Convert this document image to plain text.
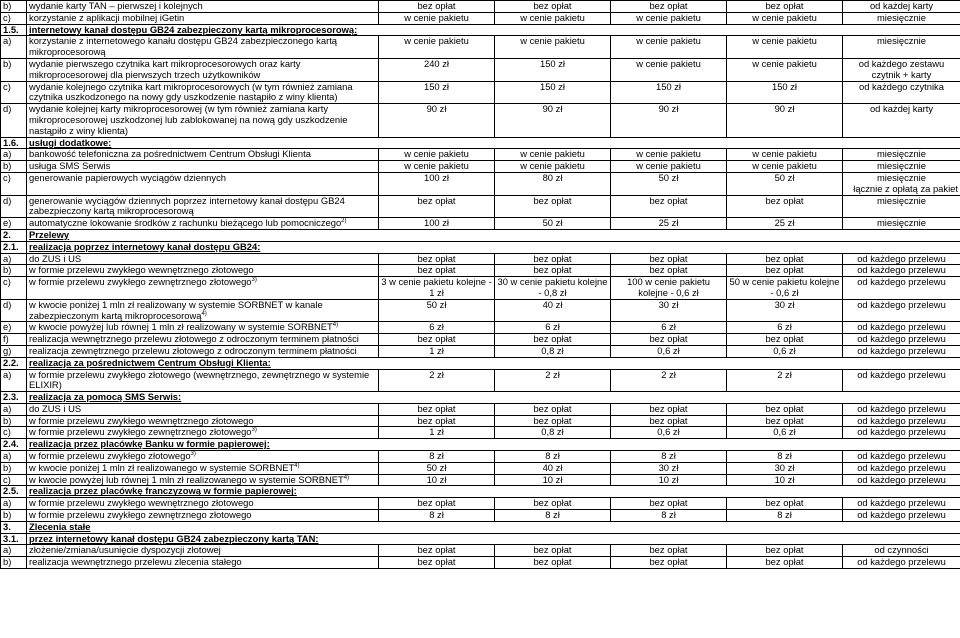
b)	wydanie karty TAN – pierwszej i kolejnych	bez opłat	bez opłat	bez opłat	bez opłat	od każdej karty
c)	korzystanie z aplikacji mobilnej iGetin	w cenie pakietu	w cenie pakietu	w cenie pakietu	w cenie pakietu	miesięcznie
1.5.	internetowy kanał dostępu GB24 zabezpieczony kartą mikroprocesorową:					
a)	korzystanie z internetowego kanału dostępu GB24 zabezpieczonego kartą mikroprocesorową	w cenie pakietu	w cenie pakietu	w cenie pakietu	w cenie pakietu	miesięcznie
b)	wydanie pierwszego czytnika kart mikroprocesorowych oraz karty mikroprocesorowej dla pierwszych trzech użytkowników	240 zł	150 zł	w cenie pakietu	w cenie pakietu	od każdego zestawu czytnik + karty
c)	wydanie kolejnego czytnika kart mikroprocesorowych (w tym również zamiana czytnika uszkodzonego na nowy gdy uszkodzenie nastąpiło z winy klienta)	150 zł	150 zł	150 zł	150 zł	od każdego czytnika
d)	wydanie kolejnej karty mikroprocesorowej (w tym również zamiana karty mikroprocesorowej uszkodzonej lub zablokowanej na nową gdy uszkodzenie nastąpiło z winy klienta)	90 zł	90 zł	90 zł	90 zł	od każdej karty
1.6.	usługi dodatkowe:					
a)	bankowość telefoniczna za pośrednictwem Centrum Obsługi Klienta	w cenie pakietu	w cenie pakietu	w cenie pakietu	w cenie pakietu	miesięcznie
b)	usługa SMS Serwis	w cenie pakietu	w cenie pakietu	w cenie pakietu	w cenie pakietu	miesięcznie
c)	generowanie papierowych wyciągów dziennych	100 zł	80 zł	50 zł	50 zł	miesięcznie
łącznie z opłatą za pakiet

d)	generowanie wyciągów dziennych poprzez internetowy kanał dostępu GB24 zabezpieczony kartą mikroprocesorową	bez opłat	bez opłat	bez opłat	bez opłat	miesięcznie
e)	automatyczne lokowanie środków z rachunku bieżącego lub pomocniczego$^{2)}$	100 zł	50 zł	25 zł	25 zł	miesięcznie
2.	Przelewy					
2.1.	realizacja poprzez internetowy kanał dostępu GB24:					
a)	do ZUS i US	bez opłat	bez opłat	bez opłat	bez opłat	od każdego przelewu
b)	w formie przelewu zwykłego wewnętrznego złotowego	bez opłat	bez opłat	bez opłat	bez opłat	od każdego przelewu
c)	w formie przelewu zwykłego zewnętrznego złotowego$^{3)}$	3 w cenie pakietu kolejne - 1 zł	30 w cenie pakietu kolejne - 0,8 zł	100 w cenie pakietu kolejne - 0,6 zł	50 w cenie pakietu kolejne - 0,6 zł	od każdego przelewu
d)	w kwocie poniżej 1 mln zł realizowany w systemie SORBNET w kanale zabezpieczonym kartą mikroprocesorową$^{4)}$	50 zł	40 zł	30 zł	30 zł	od każdego przelewu
e)	w kwocie powyżej lub równej 1 mln zł realizowany w systemie SORBNET$^{4)}$	6 zł	6 zł	6 zł	6 zł	od każdego przelewu
f)	realizacja wewnętrznego przelewu złotowego z odroczonym terminem płatności	bez opłat	bez opłat	bez opłat	bez opłat	od każdego przelewu
g)	realizacja zewnętrznego przelewu złotowego z odroczonym terminem płatności	1 zł	0,8 zł	0,6 zł	0,6 zł	od każdego przelewu
2.2.	realizacja za pośrednictwem Centrum Obsługi Klienta:					
a)	w formie przelewu zwykłego złotowego (wewnętrznego, zewnętrznego w systemie ELIXIR)	2 zł	2 zł	2 zł	2 zł	od każdego przelewu
2.3.	realizacja za pomocą SMS Serwis:					
a)	do ZUS i US	bez opłat	bez opłat	bez opłat	bez opłat	od każdego przelewu
b)	w formie przelewu zwykłego wewnętrznego złotowego	bez opłat	bez opłat	bez opłat	bez opłat	od każdego przelewu
c)	w formie przelewu zwykłego zewnętrznego złotowego$^{3)}$	1 zł	0,8 zł	0,6 zł	0,6 zł	od każdego przelewu
2.4.	realizacja przez placówkę Banku w formie papierowej:					
a)	w formie przelewu zwykłego złotowego$^{3)}$	8 zł	8 zł	8 zł	8 zł	od każdego przelewu
b)	w kwocie poniżej 1 mln zł realizowanego w systemie SORBNET$^{4)}$	50 zł	40 zł	30 zł	30 zł	od każdego przelewu
c)	w kwocie powyżej lub równej 1 mln zł realizowanego w systemie SORBNET$^{4)}$	10 zł	10 zł	10 zł	10 zł	od każdego przelewu
2.5.	realizacja przez placówkę franczyzową w formie papierowej:					
a)	w formie przelewu zwykłego wewnętrznego złotowego	bez opłat	bez opłat	bez opłat	bez opłat	od każdego przelewu
b)	w formie przelewu zwykłego zewnętrznego złotowego	8 zł	8 zł	8 zł	8 zł	od każdego przelewu
3.	Zlecenia stałe					
3.1.	przez internetowy kanał dostępu GB24 zabezpieczony kartą TAN:					
a)	złożenie/zmiana/usunięcie dyspozycji złotowej	bez opłat	bez opłat	bez opłat	bez opłat	od czynności
b)	realizacja wewnętrznego przelewu zlecenia stałego	bez opłat	bez opłat	bez opłat	bez opłat	od każdego przelewu
